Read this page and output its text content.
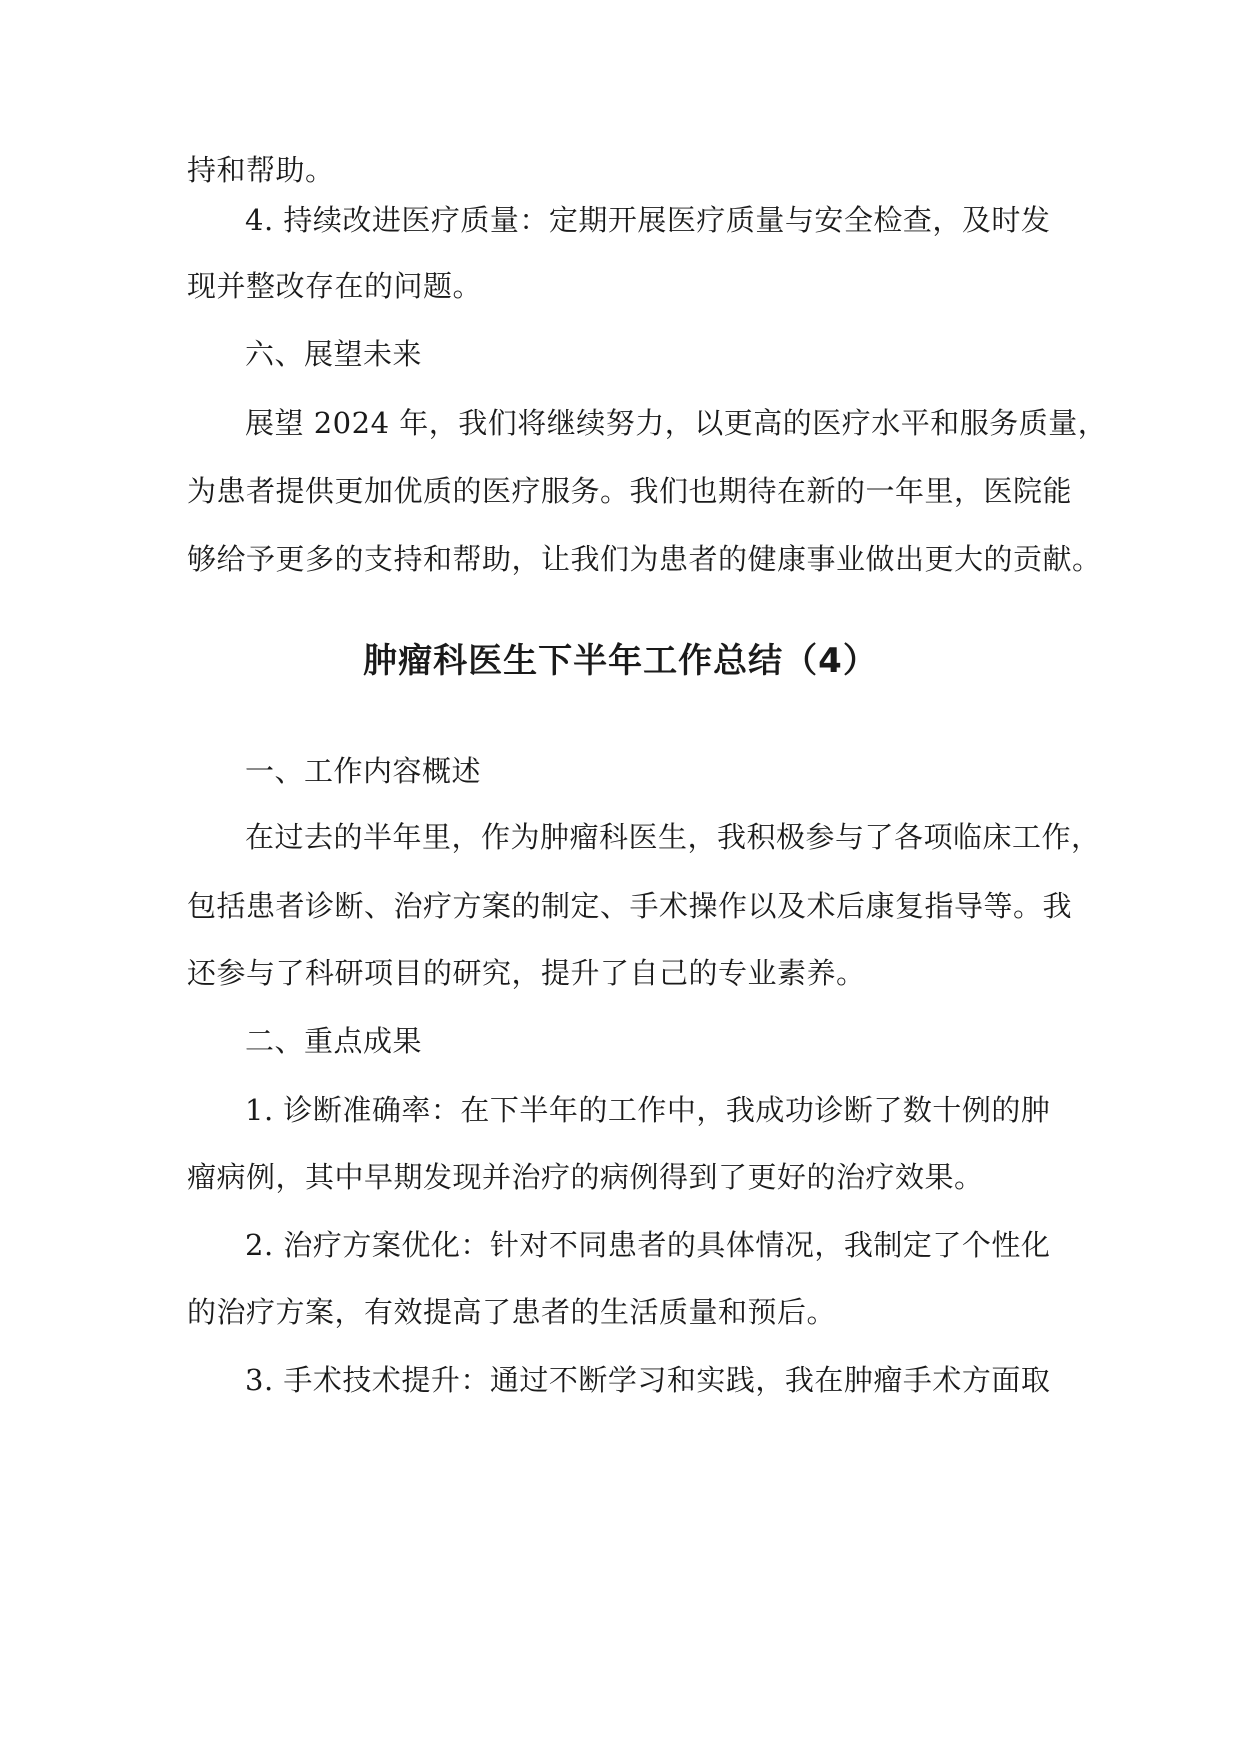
持和帮助。
4. 持续改进医疗质量：定期开展医疗质量与安全检查，及时发
现并整改存在的问题。
六、展望未来
展望 2024 年，我们将继续努力，以更高的医疗水平和服务质量，
为患者提供更加优质的医疗服务。我们也期待在新的一年里，医院能
够给予更多的支持和帮助，让我们为患者的健康事业做出更大的贡献。
肿瘤科医生下半年工作总结（4）
一、工作内容概述
在过去的半年里，作为肿瘤科医生，我积极参与了各项临床工作，
包括患者诊断、治疗方案的制定、手术操作以及术后康复指导等。我
还参与了科研项目的研究，提升了自己的专业素养。
二、重点成果
1. 诊断准确率：在下半年的工作中，我成功诊断了数十例的肿
瘤病例，其中早期发现并治疗的病例得到了更好的治疗效果。
2. 治疗方案优化：针对不同患者的具体情况，我制定了个性化
的治疗方案，有效提高了患者的生活质量和预后。
3. 手术技术提升：通过不断学习和实践，我在肿瘤手术方面取
